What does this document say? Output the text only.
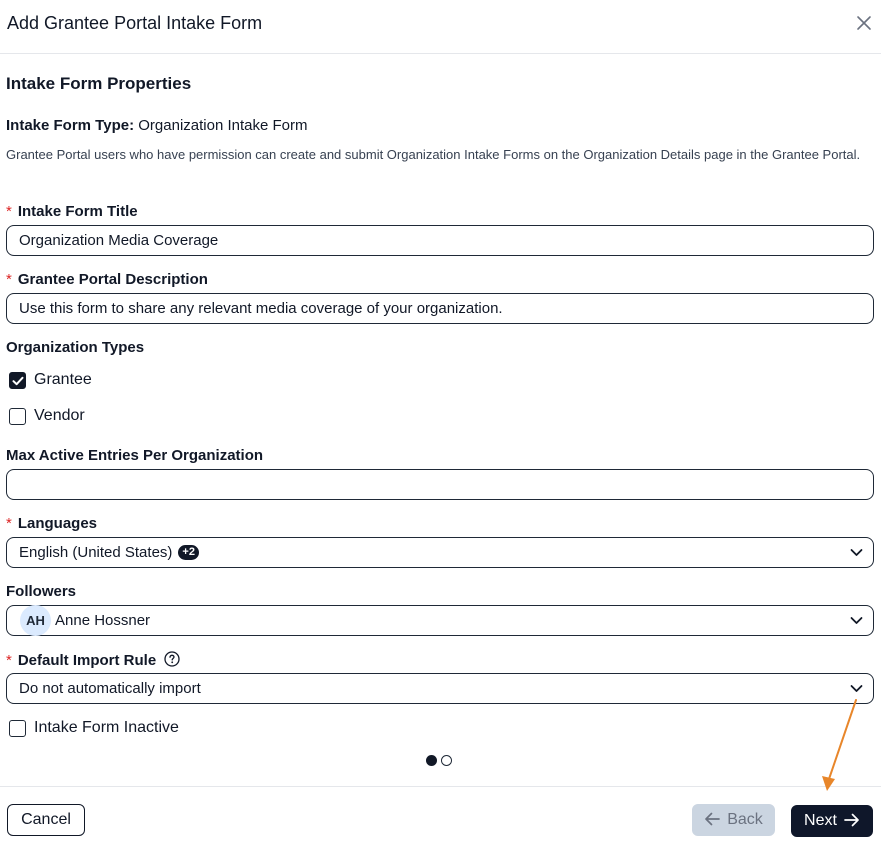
Add Grantee Portal Intake Form
Intake Form Properties
Intake Form Type: Organization Intake Form
Grantee Portal users who have permission can create and submit Organization Intake Forms on the Organization Details page in the Grantee Portal.
* Intake Form Title
Organization Media Coverage
* Grantee Portal Description
Use this form to share any relevant media coverage of your organization.
Organization Types
Grantee
Vendor
Max Active Entries Per Organization
* Languages
English (United States) +2
Followers
AH Anne Hossner
* Default Import Rule
Do not automatically import
Intake Form Inactive
Cancel	Back	Next
